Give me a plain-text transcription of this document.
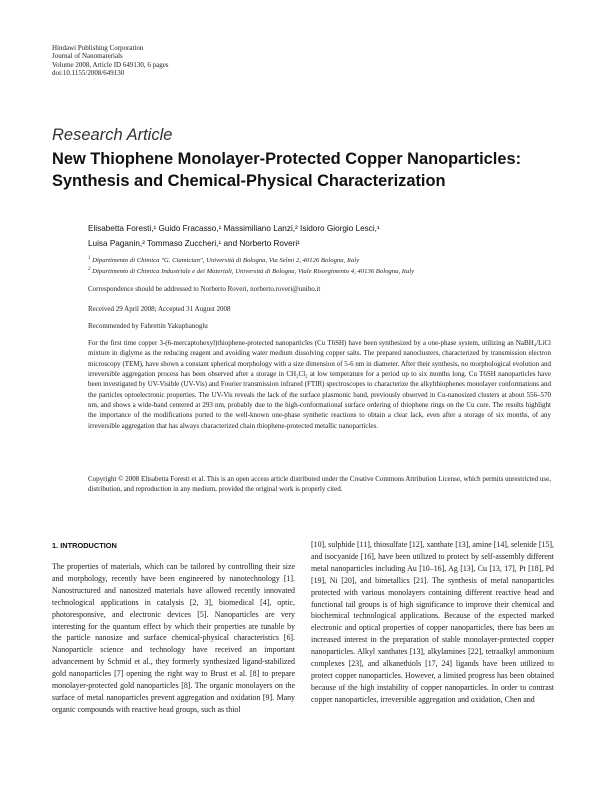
Hindawi Publishing Corporation
Journal of Nanomaterials
Volume 2008, Article ID 649130, 6 pages
doi:10.1155/2008/649130
Research Article
New Thiophene Monolayer-Protected Copper Nanoparticles:
Synthesis and Chemical-Physical Characterization
Elisabetta Foresti,¹ Guido Fracasso,¹ Massimiliano Lanzi,² Isidoro Giorgio Lesci,¹
Luisa Paganin,² Tommaso Zuccheri,¹ and Norberto Roveri¹
$^1$ Dipartimento di Chimica "G. Ciamician", Università di Bologna, Via Selmi 2, 40126 Bologna, Italy
$^2$ Dipartimento di Chimica Industriale e dei Materiali, Università di Bologna, Viale Risorgimento 4, 40136 Bologna, Italy
Correspondence should be addressed to Norberto Roveri, norberto.roveri@unibo.it
Received 29 April 2008; Accepted 31 August 2008
Recommended by Fahrettin Yakuphanoglu
For the first time copper 3-(6-mercaptohexyl)thiophene-protected nanoparticles (Cu T6SH) have been synthesized by a one-phase system, utilizing an NaBH₄/LiCl mixture in diglyme as the reducing reagent and avoiding water medium dissolving copper salts. The prepared nanoclusters, characterized by transmission electron microscopy (TEM), have shown a constant spherical morphology with a size dimension of 5-6 nm in diameter. After their synthesis, no morphological evolution and irreversible aggregation process has been observed after a storage in CH₂Cl₂ at low temperature for a period up to six months long. Cu T6SH nanoparticles have been investigated by UV-Visible (UV-Vis) and Fourier transmission infrared (FTIR) spectroscopes to characterize the alkylthiophenes monolayer conformations and the particles optoelectronic properties. The UV-Vis reveals the lack of the surface plasmonic band, previously observed in Cu-nanosized clusters at about 556–570 nm, and shows a wide-band centered at 293 nm, probably due to the high-conformational surface ordering of thiophene rings on the Cu core. The results highlight the importance of the modifications ported to the well-known one-phase synthetic reactions to obtain a clear lack, even after a storage of six months, of any irreversible aggregation that has always characterized chain thiophene-protected metallic nanoparticles.
Copyright © 2008 Elisabetta Foresti et al. This is an open access article distributed under the Creative Commons Attribution License, which permits unrestricted use, distribution, and reproduction in any medium, provided the original work is properly cited.
1. INTRODUCTION
The properties of materials, which can be tailored by controlling their size and morphology, recently have been engineered by nanotechnology [1]. Nanostructured and nanosized materials have allowed recently innovated technological applications in catalysis [2, 3], biomedical [4], optic, photoresponsive, and electronic devices [5]. Nanoparticles are very interesting for the quantum effect by which their properties are tunable by the particle nanosize and surface chemical-physical characteristics [6]. Nanoparticle science and technology have received an important advancement by Schmid et al., they formerly synthesized ligand-stabilized gold nanoparticles [7] opening the right way to Brust et al. [8] to prepare monolayer-protected gold nanoparticles [8]. The organic monolayers on the surface of metal nanoparticles prevent aggregation and oxidation [9]. Many organic compounds with reactive head groups, such as thiol
[10], sulphide [11], thiosulfate [12], xanthate [13], amine [14], selenide [15], and isocyanide [16], have been utilized to protect by self-assembly different metal nanoparticles including Au [10–16], Ag [13], Cu [13, 17], Pt [18], Pd [19], Ni [20], and bimetallics [21]. The synthesis of metal nanoparticles protected with various monolayers containing different reactive head and functional tail groups is of high significance to improve their chemical and biochemical technological applications. Because of the expected marked electronic and optical properties of copper nanoparticles, there has been an increased interest in the preparation of stable monolayer-protected copper nanoparticles. Alkyl xanthates [13], alkylamines [22], tetraalkyl ammonium complexes [23], and alkanethiols [17, 24] ligands have been utilized to protect copper nanoparticles. However, a limited progress has been obtained because of the high instability of copper nanoparticles. In order to contrast copper nanoparticles, irreversible aggregation and oxidation, Chen and
